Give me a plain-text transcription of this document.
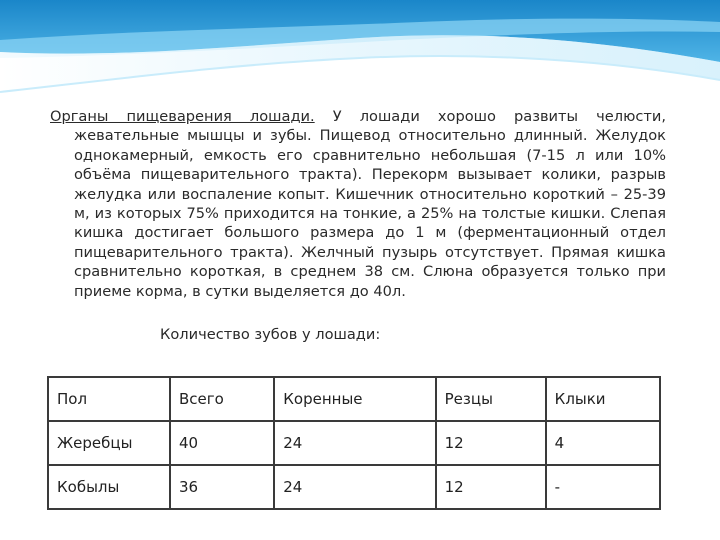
Органы пищеварения лошади. У лошади хорошо развиты челюсти, жевательные мышцы и зубы. Пищевод относительно длинный. Желудок однокамерный, емкость его сравнительно небольшая (7-15 л или 10% объёма пищеварительного тракта). Перекорм вызывает колики, разрыв желудка или воспаление копыт. Кишечник относительно короткий – 25-39 м, из которых 75% приходится на тонкие, а 25% на толстые кишки. Слепая кишка достигает большого размера до 1 м (ферментационный отдел пищеварительного тракта). Желчный пузырь отсутствует. Прямая кишка сравнительно короткая, в среднем 38 см. Слюна образуется только при приеме корма, в сутки выделяется до 40л.
Количество зубов у лошади:
Пол	Всего	Коренные	Резцы	Клыки
Жеребцы	40	24	12	4
Кобылы	36	24	12	-
